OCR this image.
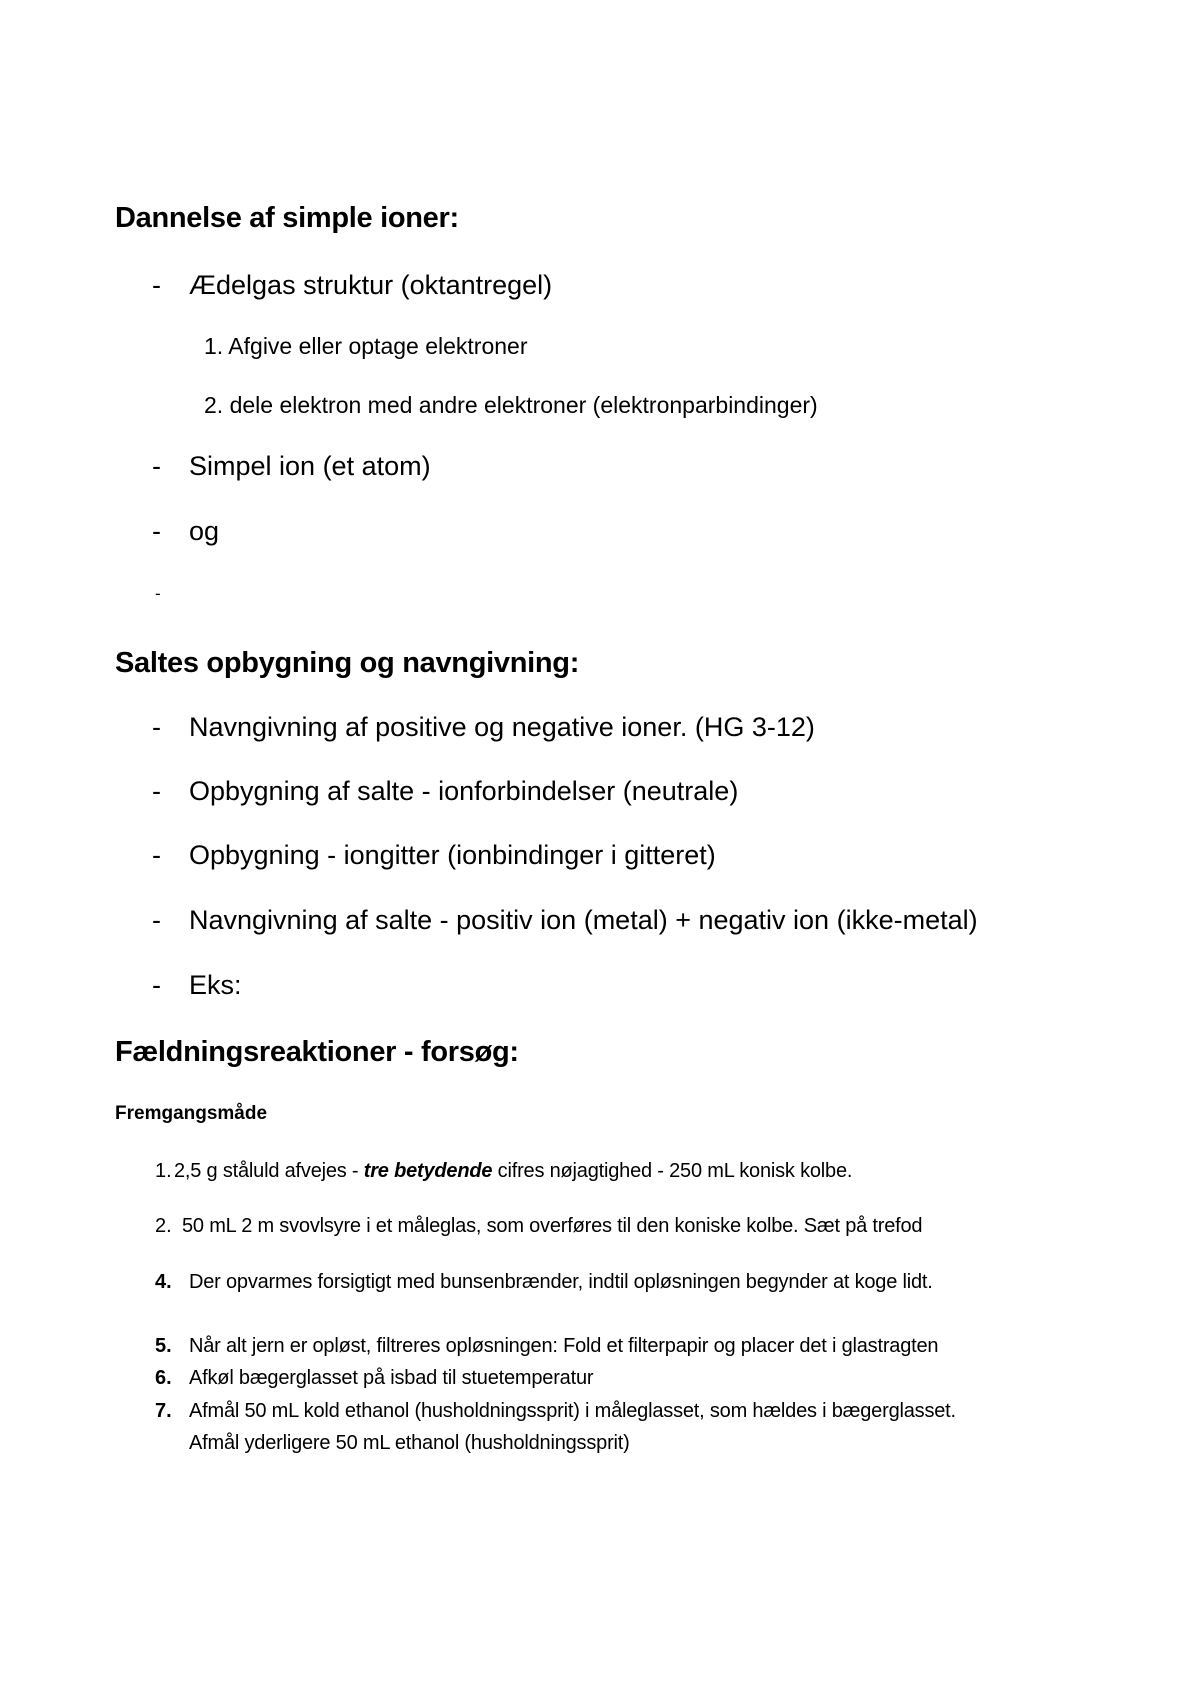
Dannelse af simple ioner:
- Ædelgas struktur (oktantregel)
1. Afgive eller optage elektroner
2. dele elektron med andre elektroner (elektronparbindinger)
- Simpel ion (et atom)
- og
-
Saltes opbygning og navngivning:
- Navngivning af positive og negative ioner. (HG 3-12)
- Opbygning af salte - ionforbindelser (neutrale)
- Opbygning - iongitter (ionbindinger i gitteret)
- Navngivning af salte - positiv ion (metal) + negativ ion (ikke-metal)
- Eks:
Fældningsreaktioner - forsøg:
Fremgangsmåde
1. 2,5 g ståluld afvejes - tre betydende cifres nøjagtighed - 250 mL konisk kolbe.
2. 50 mL 2 m svovlsyre i et måleglas, som overføres til den koniske kolbe. Sæt på trefod
4. Der opvarmes forsigtigt med bunsenbrænder, indtil opløsningen begynder at koge lidt.
5. Når alt jern er opløst, filtreres opløsningen: Fold et filterpapir og placer det i glastragten
6. Afkøl bægerglasset på isbad til stuetemperatur
7. Afmål 50 mL kold ethanol (husholdningssprit) i måleglasset, som hældes i bægerglasset.
Afmål yderligere 50 mL ethanol (husholdningssprit)
